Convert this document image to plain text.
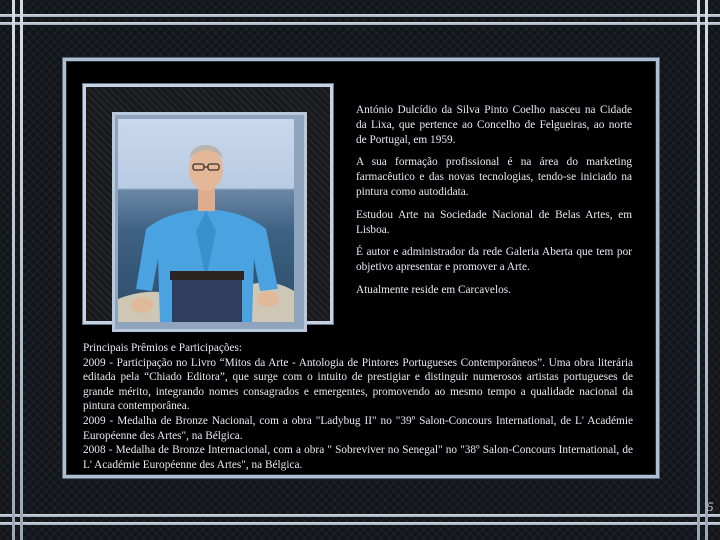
António Dulcídio da Silva Pinto Coelho nasceu na Cidade da Lixa, que pertence ao Concelho de Felgueiras, ao norte de Portugal, em 1959.

A sua formação profissional é na área do marketing farmacêutico e das novas tecnologias, tendo-se iniciado na pintura como autodidata.

Estudou Arte na Sociedade Nacional de Belas Artes, em Lisboa.

É autor e administrador da rede Galeria Aberta que tem por objetivo apresentar e promover a Arte.

Atualmente reside em Carcavelos.

Principais Prêmios e Participações:
2009 - Participação no Livro “Mitos da Arte - Antologia de Pintores Portugueses Contemporâneos”. Uma obra literária editada pela “Chiado Editora”, que surge com o intuito de prestigiar e distinguir numerosos artistas portugueses de grande mérito, integrando nomes consagrados e emergentes, promovendo ao mesmo tempo a qualidade nacional da pintura contemporânea.
2009 - Medalha de Bronze Nacional, com a obra "Ladybug II" no "39º Salon-Concours International, de L' Académie Européenne des Artes", na Bélgica.
2008 - Medalha de Bronze Internacional, com a obra " Sobreviver no Senegal" no "38º Salon-Concours International, de L' Académie Européenne des Artes", na Bélgica.
5
